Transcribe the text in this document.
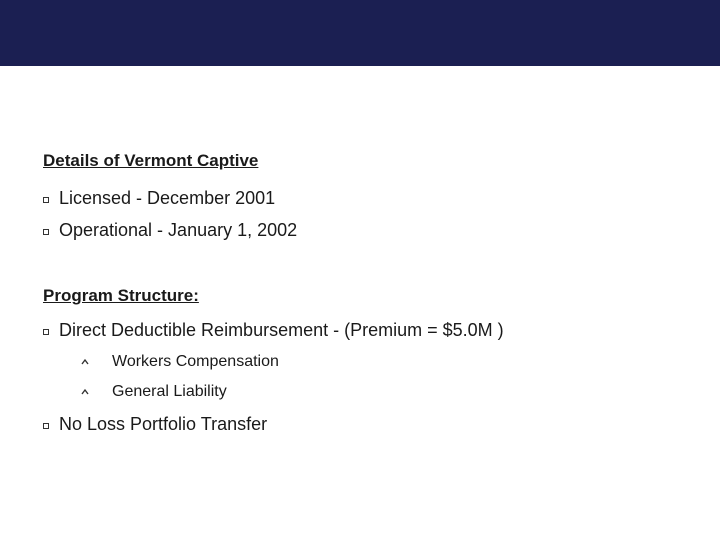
Details of Vermont Captive
Licensed - December 2001
Operational - January 1, 2002
Program Structure:
Direct Deductible Reimbursement - (Premium = $5.0M )
Workers Compensation
General Liability
No Loss Portfolio Transfer
